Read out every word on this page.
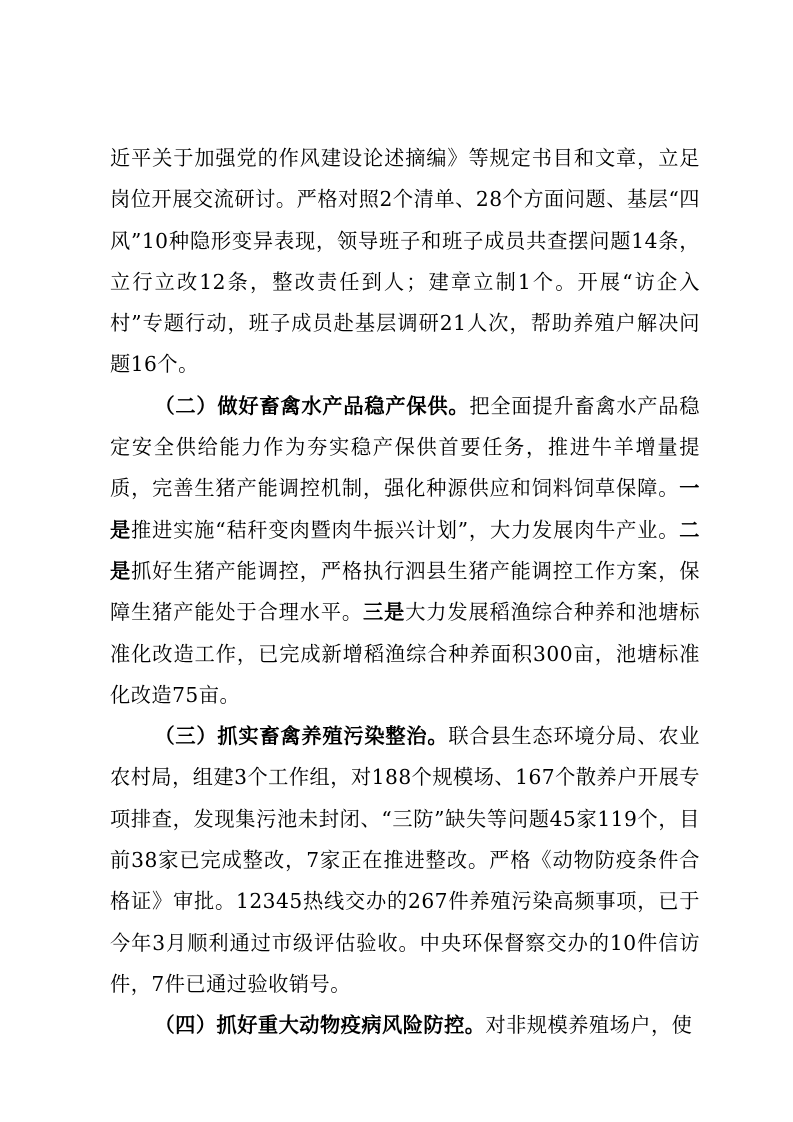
近平关于加强党的作风建设论述摘编》等规定书目和文章，立足岗位开展交流研讨。严格对照2个清单、28个方面问题、基层“四风”10种隐形变异表现，领导班子和班子成员共查摆问题14条，立行立改12条，整改责任到人；建章立制1个。开展“访企入村”专题行动，班子成员赴基层调研21人次，帮助养殖户解决问题16个。

（二）做好畜禽水产品稳产保供。把全面提升畜禽水产品稳定安全供给能力作为夯实稳产保供首要任务，推进牛羊增量提质，完善生猪产能调控机制，强化种源供应和饲料饲草保障。一是推进实施“秸秆变肉暨肉牛振兴计划”，大力发展肉牛产业。二是抓好生猪产能调控，严格执行泗县生猪产能调控工作方案，保障生猪产能处于合理水平。三是大力发展稻渔综合种养和池塘标准化改造工作，已完成新增稻渔综合种养面积300亩，池塘标准化改造75亩。

（三）抓实畜禽养殖污染整治。联合县生态环境分局、农业农村局，组建3个工作组，对188个规模场、167个散养户开展专项排查，发现集污池未封闭、“三防”缺失等问题45家119个，目前38家已完成整改，7家正在推进整改。严格《动物防疫条件合格证》审批。12345热线交办的267件养殖污染高频事项，已于今年3月顺利通过市级评估验收。中央环保督察交办的10件信访件，7件已通过验收销号。

（四）抓好重大动物疫病风险防控。对非规模养殖场户，使
